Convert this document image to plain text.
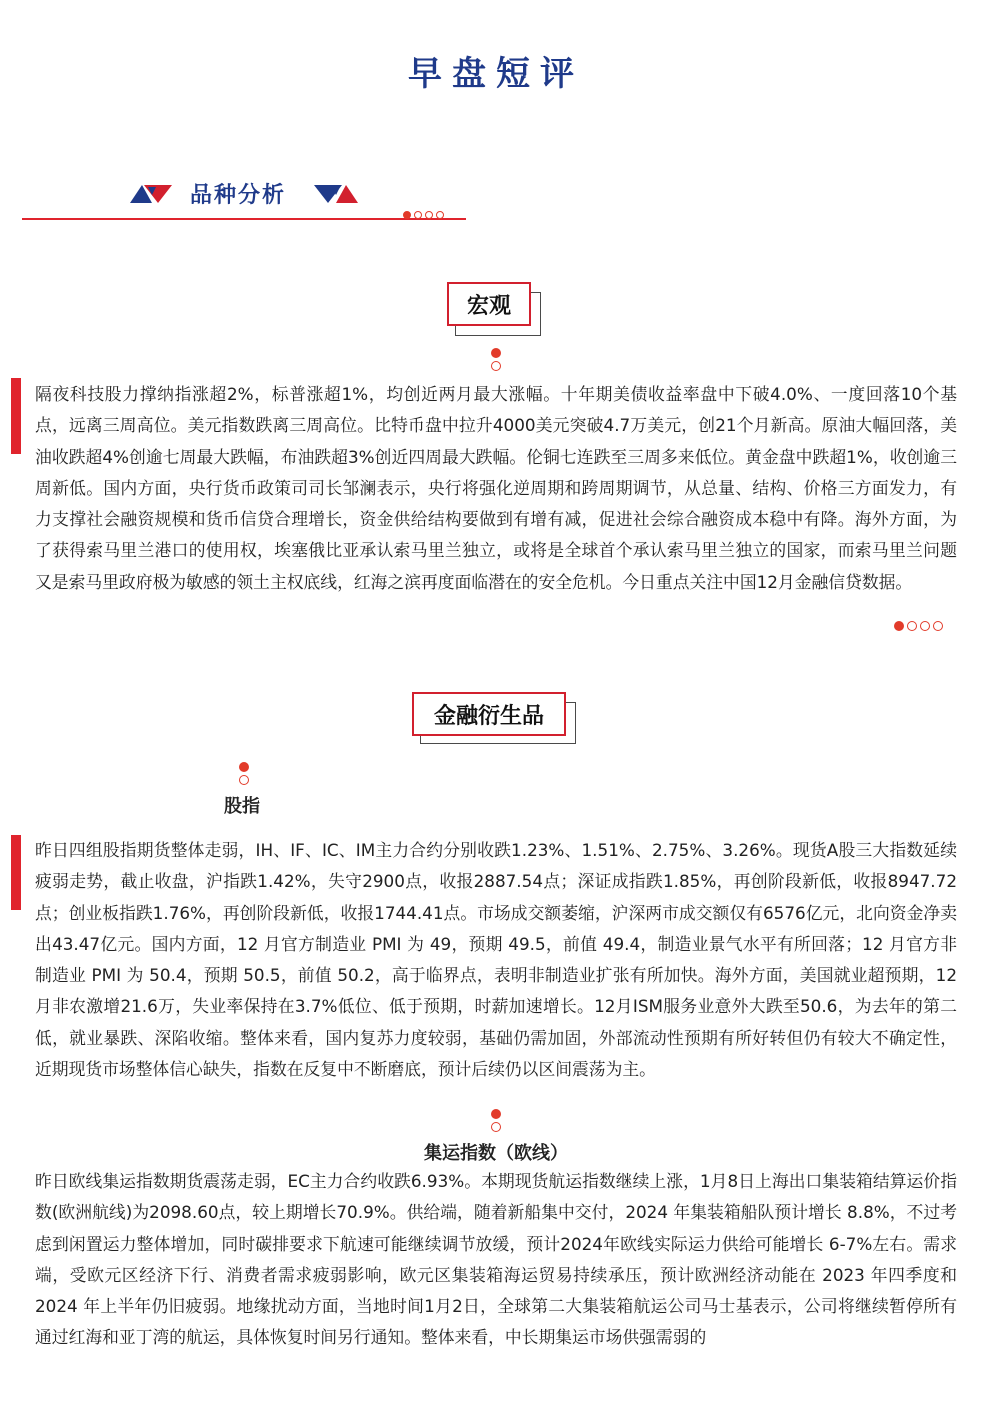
早盘短评
品种分析
宏观
隔夜科技股力撑纳指涨超2%，标普涨超1%，均创近两月最大涨幅。十年期美债收益率盘中下破4.0%、一度回落10个基点，远离三周高位。美元指数跌离三周高位。比特币盘中拉升4000美元突破4.7万美元，创21个月新高。原油大幅回落，美油收跌超4%创逾七周最大跌幅，布油跌超3%创近四周最大跌幅。伦铜七连跌至三周多来低位。黄金盘中跌超1%，收创逾三周新低。国内方面，央行货币政策司司长邹澜表示，央行将强化逆周期和跨周期调节，从总量、结构、价格三方面发力，有力支撑社会融资规模和货币信贷合理增长，资金供给结构要做到有增有减，促进社会综合融资成本稳中有降。海外方面，为了获得索马里兰港口的使用权，埃塞俄比亚承认索马里兰独立，或将是全球首个承认索马里兰独立的国家，而索马里兰问题又是索马里政府极为敏感的领土主权底线，红海之滨再度面临潜在的安全危机。今日重点关注中国12月金融信贷数据。
金融衍生品
股指
昨日四组股指期货整体走弱，IH、IF、IC、IM主力合约分别收跌1.23%、1.51%、2.75%、3.26%。现货A股三大指数延续疲弱走势，截止收盘，沪指跌1.42%，失守2900点，收报2887.54点；深证成指跌1.85%，再创阶段新低，收报8947.72点；创业板指跌1.76%，再创阶段新低，收报1744.41点。市场成交额萎缩，沪深两市成交额仅有6576亿元，北向资金净卖出43.47亿元。国内方面，12 月官方制造业 PMI 为 49，预期 49.5，前值 49.4，制造业景气水平有所回落；12 月官方非制造业 PMI 为 50.4，预期 50.5，前值 50.2，高于临界点，表明非制造业扩张有所加快。海外方面，美国就业超预期，12月非农激增21.6万，失业率保持在3.7%低位、低于预期，时薪加速增长。12月ISM服务业意外大跌至50.6，为去年的第二低，就业暴跌、深陷收缩。整体来看，国内复苏力度较弱，基础仍需加固，外部流动性预期有所好转但仍有较大不确定性，近期现货市场整体信心缺失，指数在反复中不断磨底，预计后续仍以区间震荡为主。
集运指数（欧线）
昨日欧线集运指数期货震荡走弱，EC主力合约收跌6.93%。本期现货航运指数继续上涨，1月8日上海出口集装箱结算运价指数(欧洲航线)为2098.60点，较上期增长70.9%。供给端，随着新船集中交付，2024 年集装箱船队预计增长 8.8%，不过考虑到闲置运力整体增加，同时碳排要求下航速可能继续调节放缓，预计2024年欧线实际运力供给可能增长 6-7%左右。需求端，受欧元区经济下行、消费者需求疲弱影响，欧元区集装箱海运贸易持续承压，预计欧洲经济动能在 2023 年四季度和 2024 年上半年仍旧疲弱。地缘扰动方面，当地时间1月2日，全球第二大集装箱航运公司马士基表示，公司将继续暂停所有通过红海和亚丁湾的航运，具体恢复时间另行通知。整体来看，中长期集运市场供强需弱的
